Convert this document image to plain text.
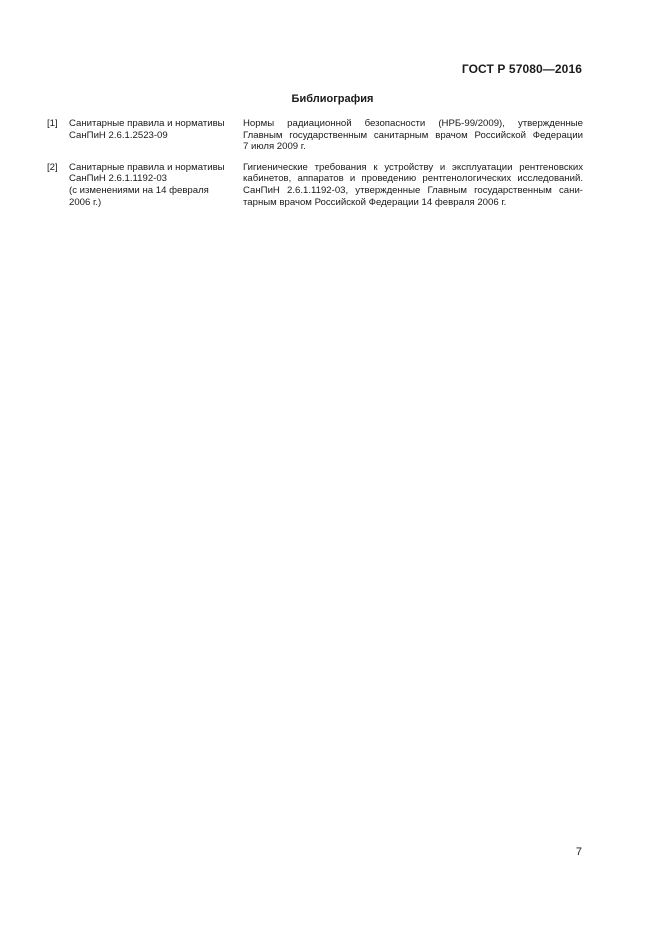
ГОСТ Р 57080—2016
Библиография
[1]	Санитарные правила и нормативы
СанПиН 2.6.1.2523-09
Нормы радиационной безопасности (НРБ-99/2009), утвержденные
Главным государственным санитарным врачом Российской Федерации
7 июля 2009 г.
[2]	Санитарные правила и нормативы
СанПиН 2.6.1.1192-03
(с изменениями на 14 февраля
2006 г.)
Гигиенические требования к устройству и эксплуатации рентгеновских
кабинетов, аппаратов и проведению рентгенологических исследований.
СанПиН 2.6.1.1192-03, утвержденные Главным государственным сани-
тарным врачом Российской Федерации 14 февраля 2006 г.
7
